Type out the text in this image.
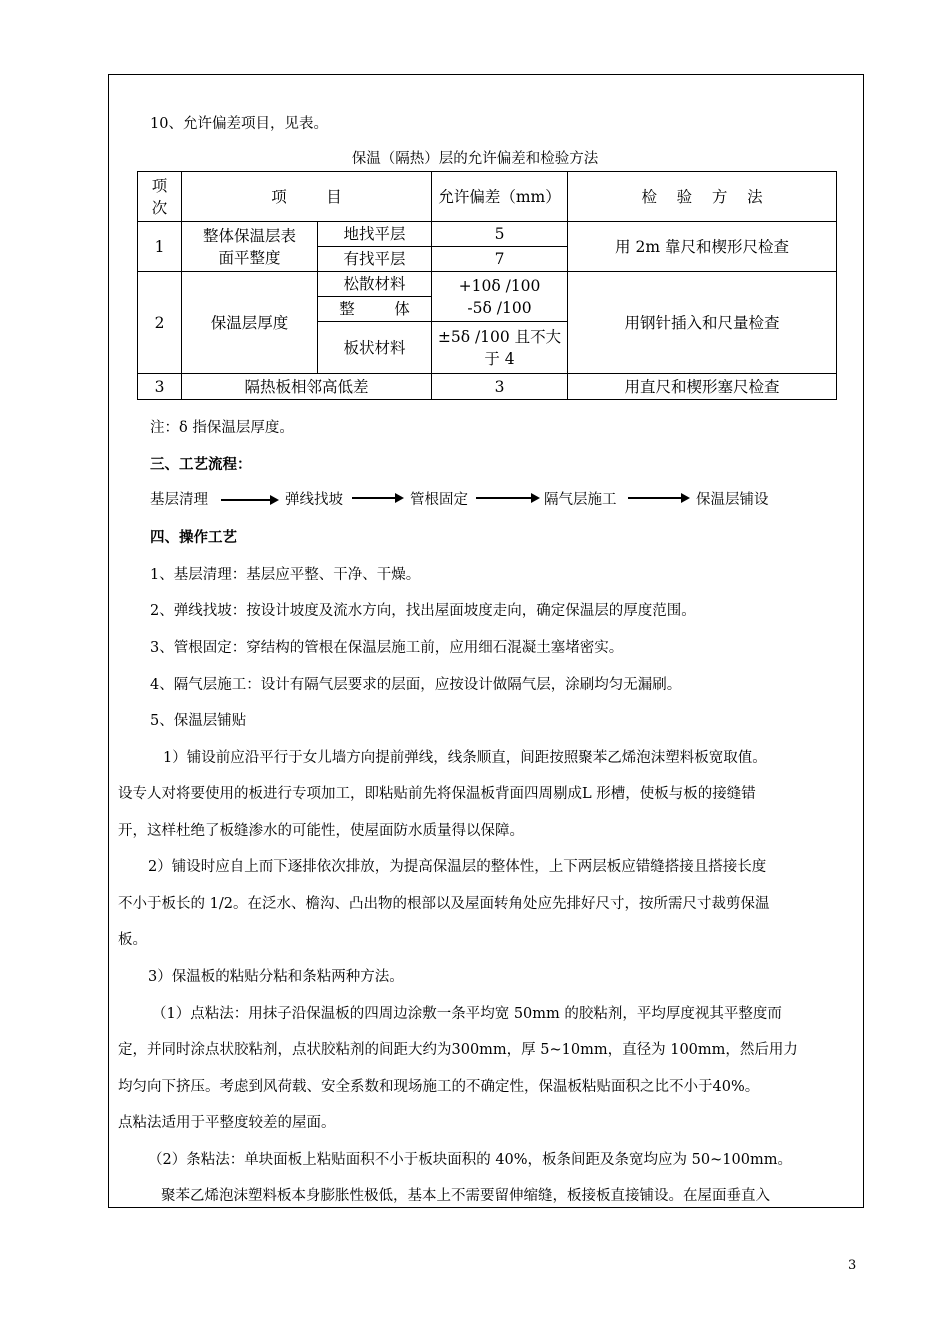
10、允许偏差项目，见表。
保温（隔热）层的允许偏差和检验方法
项次	项        目		允许偏差（mm）	检    验    方    法
1	整体保温层表面平整度	地找平层	5	用 2m 靠尺和楔形尺检查
		有找平层	7	
2	保温层厚度	松散材料	+10δ /100 -5δ /100	用钢针插入和尺量检查
		整        体		
		板状材料	±5δ /100 且不大于 4	
3	隔热板相邻高低差		3	用直尺和楔形塞尺检查
注：δ 指保温层厚度。
三、工艺流程：
基层清理	弹线找坡	管根固定	隔气层施工	保温层铺设
四、操作工艺
1、基层清理：基层应平整、干净、干燥。
2、弹线找坡：按设计坡度及流水方向，找出屋面坡度走向，确定保温层的厚度范围。
3、管根固定：穿结构的管根在保温层施工前，应用细石混凝土塞堵密实。
4、隔气层施工：设计有隔气层要求的层面，应按设计做隔气层，涂刷均匀无漏刷。
5、保温层铺贴
1）铺设前应沿平行于女儿墙方向提前弹线，线条顺直，间距按照聚苯乙烯泡沫塑料板宽取值。
设专人对将要使用的板进行专项加工，即粘贴前先将保温板背面四周剔成L 形槽，使板与板的接缝错
开，这样杜绝了板缝渗水的可能性，使屋面防水质量得以保障。
2）铺设时应自上而下逐排依次排放，为提高保温层的整体性，上下两层板应错缝搭接且搭接长度
不小于板长的 1/2。在泛水、檐沟、凸出物的根部以及屋面转角处应先排好尺寸，按所需尺寸裁剪保温
板。
3）保温板的粘贴分粘和条粘两种方法。
（1）点粘法：用抹子沿保温板的四周边涂敷一条平均宽 50mm 的胶粘剂，平均厚度视其平整度而
定，并同时涂点状胶粘剂，点状胶粘剂的间距大约为300mm，厚 5~10mm，直径为 100mm，然后用力
均匀向下挤压。考虑到风荷载、安全系数和现场施工的不确定性，保温板粘贴面积之比不小于40%。
点粘法适用于平整度较差的屋面。
（2）条粘法：单块面板上粘贴面积不小于板块面积的 40%，板条间距及条宽均应为 50~100mm。
聚苯乙烯泡沫塑料板本身膨胀性极低，基本上不需要留伸缩缝，板接板直接铺设。在屋面垂直入
3
